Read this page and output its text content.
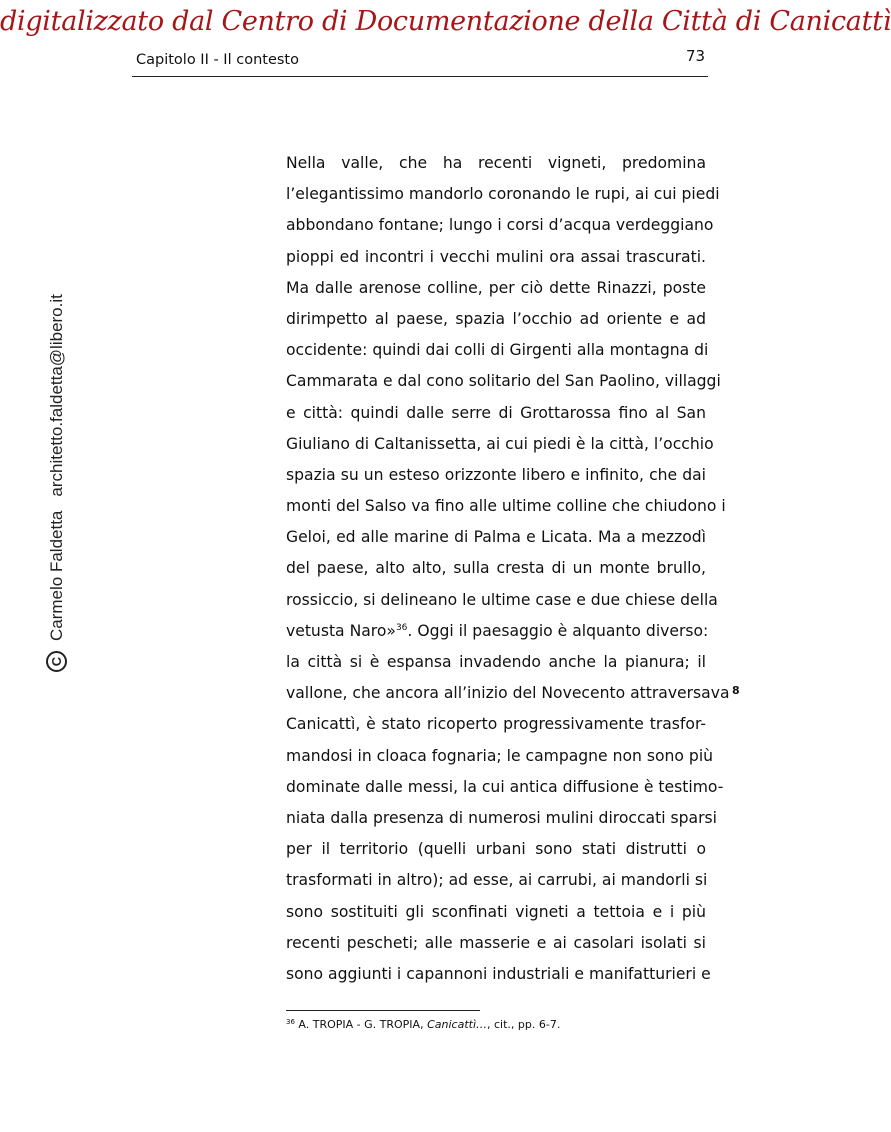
digitalizzato dal Centro di Documentazione della Città di Canicattì
Capitolo II - Il contesto	73
C
Carmelo Faldetta
architetto.faldetta@libero.it
Nella valle, che ha recenti vigneti, predomina
l’elegantissimo mandorlo coronando le rupi, ai cui piedi
abbondano fontane; lungo i corsi d’acqua verdeggiano
pioppi ed incontri i vecchi mulini ora assai trascurati.
Ma dalle arenose colline, per ciò dette Rinazzi, poste
dirimpetto al paese, spazia l’occhio ad oriente e ad
occidente: quindi dai colli di Girgenti alla montagna di
Cammarata e dal cono solitario del San Paolino, villaggi
e città: quindi dalle serre di Grottarossa fino al San
Giuliano di Caltanissetta, ai cui piedi è la città, l’occhio
spazia su un esteso orizzonte libero e infinito, che dai
monti del Salso va fino alle ultime colline che chiudono i
Geloi, ed alle marine di Palma e Licata. Ma a mezzodì
del paese, alto alto, sulla cresta di un monte brullo,
rossiccio, si delineano le ultime case e due chiese della
vetusta Naro»$^{36}$. Oggi il paesaggio è alquanto diverso:
la città si è espansa invadendo anche la pianura; il
vallone, che ancora all’inizio del Novecento attraversava
Canicattì, è stato ricoperto progressivamente trasfor-
mandosi in cloaca fognaria; le campagne non sono più
dominate dalle messi, la cui antica diffusione è testimo-
niata dalla presenza di numerosi mulini diroccati sparsi
per il territorio (quelli urbani sono stati distrutti o
trasformati in altro); ad esse, ai carrubi, ai mandorli si
sono sostituiti gli sconfinati vigneti a tettoia e i più
recenti pescheti; alle masserie e ai casolari isolati si
sono aggiunti i capannoni industriali e manifatturieri e
8
$^{36}$ A. TROPIA - G. TROPIA, Canicattì…, cit., pp. 6-7.
